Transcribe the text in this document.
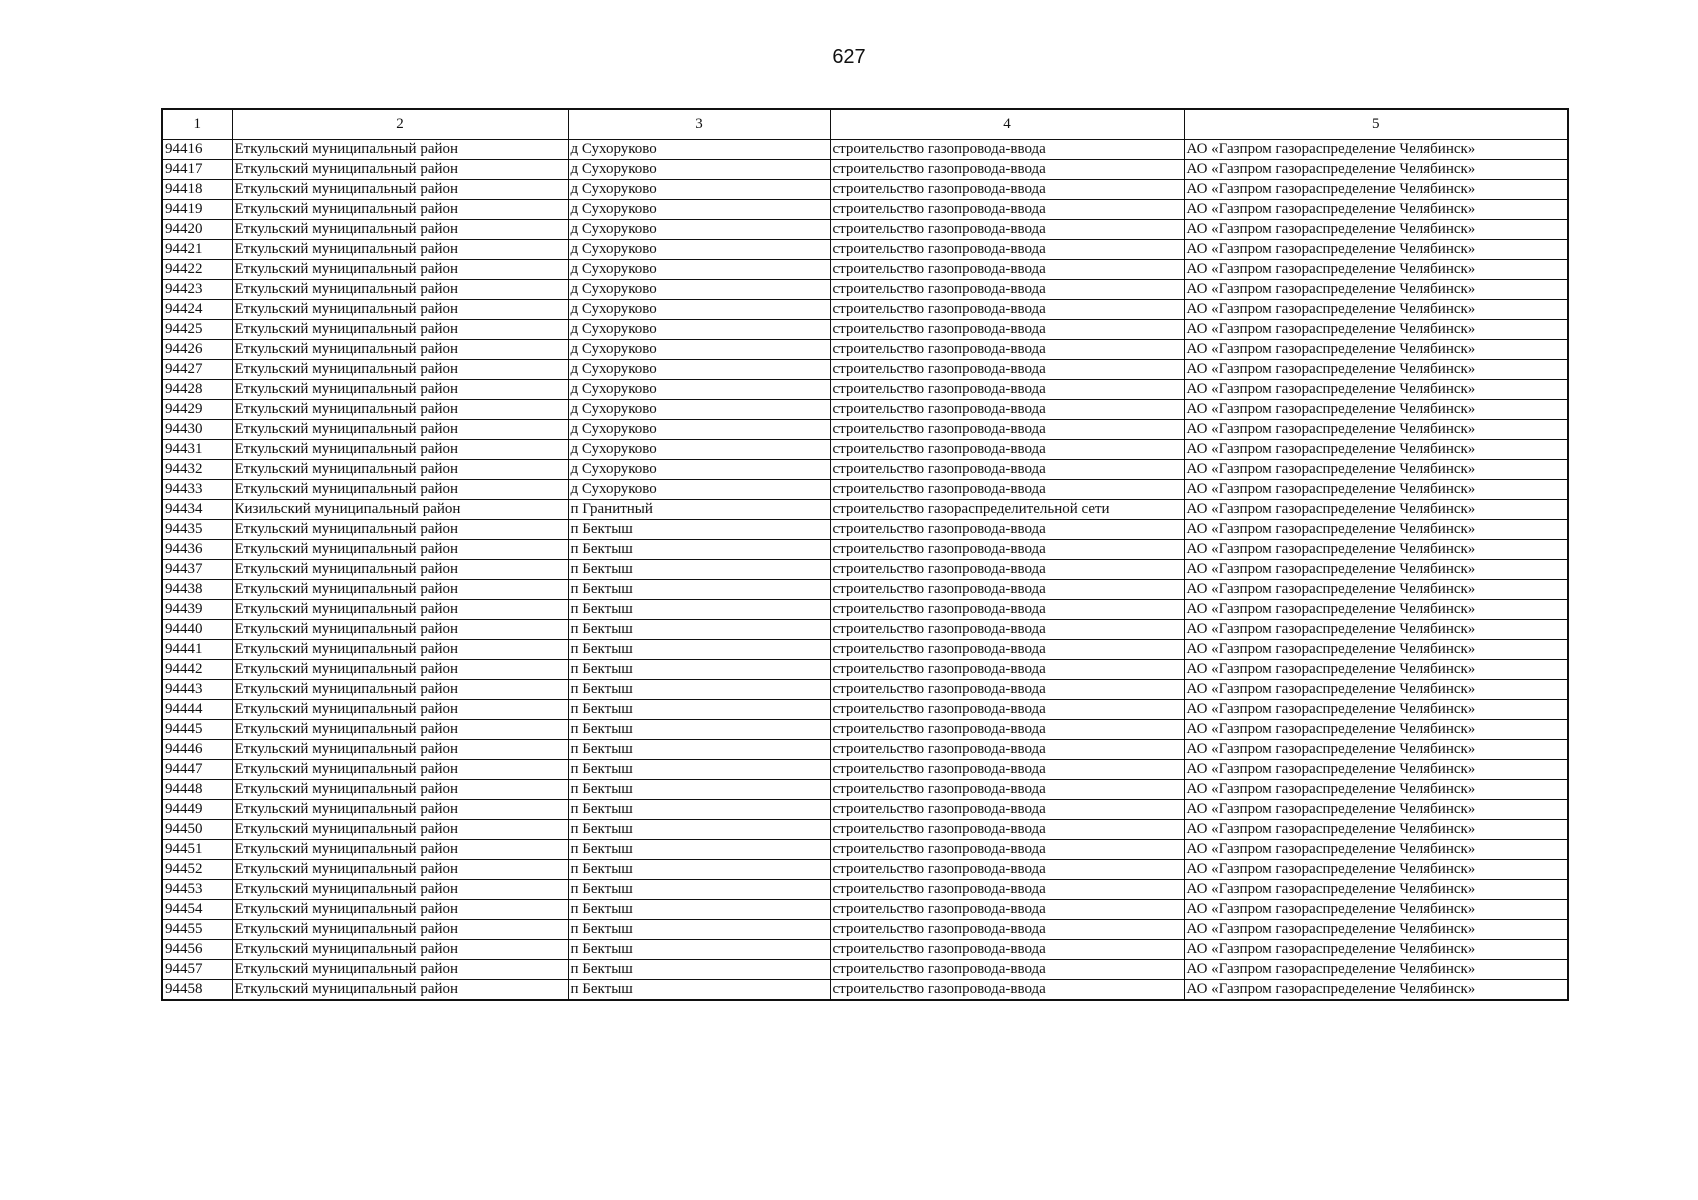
627
1	2	3	4	5
94416	Еткульский муниципальный район	д Сухоруково	строительство газопровода-ввода	АО «Газпром газораспределение Челябинск»
94417	Еткульский муниципальный район	д Сухоруково	строительство газопровода-ввода	АО «Газпром газораспределение Челябинск»
94418	Еткульский муниципальный район	д Сухоруково	строительство газопровода-ввода	АО «Газпром газораспределение Челябинск»
94419	Еткульский муниципальный район	д Сухоруково	строительство газопровода-ввода	АО «Газпром газораспределение Челябинск»
94420	Еткульский муниципальный район	д Сухоруково	строительство газопровода-ввода	АО «Газпром газораспределение Челябинск»
94421	Еткульский муниципальный район	д Сухоруково	строительство газопровода-ввода	АО «Газпром газораспределение Челябинск»
94422	Еткульский муниципальный район	д Сухоруково	строительство газопровода-ввода	АО «Газпром газораспределение Челябинск»
94423	Еткульский муниципальный район	д Сухоруково	строительство газопровода-ввода	АО «Газпром газораспределение Челябинск»
94424	Еткульский муниципальный район	д Сухоруково	строительство газопровода-ввода	АО «Газпром газораспределение Челябинск»
94425	Еткульский муниципальный район	д Сухоруково	строительство газопровода-ввода	АО «Газпром газораспределение Челябинск»
94426	Еткульский муниципальный район	д Сухоруково	строительство газопровода-ввода	АО «Газпром газораспределение Челябинск»
94427	Еткульский муниципальный район	д Сухоруково	строительство газопровода-ввода	АО «Газпром газораспределение Челябинск»
94428	Еткульский муниципальный район	д Сухоруково	строительство газопровода-ввода	АО «Газпром газораспределение Челябинск»
94429	Еткульский муниципальный район	д Сухоруково	строительство газопровода-ввода	АО «Газпром газораспределение Челябинск»
94430	Еткульский муниципальный район	д Сухоруково	строительство газопровода-ввода	АО «Газпром газораспределение Челябинск»
94431	Еткульский муниципальный район	д Сухоруково	строительство газопровода-ввода	АО «Газпром газораспределение Челябинск»
94432	Еткульский муниципальный район	д Сухоруково	строительство газопровода-ввода	АО «Газпром газораспределение Челябинск»
94433	Еткульский муниципальный район	д Сухоруково	строительство газопровода-ввода	АО «Газпром газораспределение Челябинск»
94434	Кизильский муниципальный район	п Гранитный	строительство газораспределительной сети	АО «Газпром газораспределение Челябинск»
94435	Еткульский муниципальный район	п Бектыш	строительство газопровода-ввода	АО «Газпром газораспределение Челябинск»
94436	Еткульский муниципальный район	п Бектыш	строительство газопровода-ввода	АО «Газпром газораспределение Челябинск»
94437	Еткульский муниципальный район	п Бектыш	строительство газопровода-ввода	АО «Газпром газораспределение Челябинск»
94438	Еткульский муниципальный район	п Бектыш	строительство газопровода-ввода	АО «Газпром газораспределение Челябинск»
94439	Еткульский муниципальный район	п Бектыш	строительство газопровода-ввода	АО «Газпром газораспределение Челябинск»
94440	Еткульский муниципальный район	п Бектыш	строительство газопровода-ввода	АО «Газпром газораспределение Челябинск»
94441	Еткульский муниципальный район	п Бектыш	строительство газопровода-ввода	АО «Газпром газораспределение Челябинск»
94442	Еткульский муниципальный район	п Бектыш	строительство газопровода-ввода	АО «Газпром газораспределение Челябинск»
94443	Еткульский муниципальный район	п Бектыш	строительство газопровода-ввода	АО «Газпром газораспределение Челябинск»
94444	Еткульский муниципальный район	п Бектыш	строительство газопровода-ввода	АО «Газпром газораспределение Челябинск»
94445	Еткульский муниципальный район	п Бектыш	строительство газопровода-ввода	АО «Газпром газораспределение Челябинск»
94446	Еткульский муниципальный район	п Бектыш	строительство газопровода-ввода	АО «Газпром газораспределение Челябинск»
94447	Еткульский муниципальный район	п Бектыш	строительство газопровода-ввода	АО «Газпром газораспределение Челябинск»
94448	Еткульский муниципальный район	п Бектыш	строительство газопровода-ввода	АО «Газпром газораспределение Челябинск»
94449	Еткульский муниципальный район	п Бектыш	строительство газопровода-ввода	АО «Газпром газораспределение Челябинск»
94450	Еткульский муниципальный район	п Бектыш	строительство газопровода-ввода	АО «Газпром газораспределение Челябинск»
94451	Еткульский муниципальный район	п Бектыш	строительство газопровода-ввода	АО «Газпром газораспределение Челябинск»
94452	Еткульский муниципальный район	п Бектыш	строительство газопровода-ввода	АО «Газпром газораспределение Челябинск»
94453	Еткульский муниципальный район	п Бектыш	строительство газопровода-ввода	АО «Газпром газораспределение Челябинск»
94454	Еткульский муниципальный район	п Бектыш	строительство газопровода-ввода	АО «Газпром газораспределение Челябинск»
94455	Еткульский муниципальный район	п Бектыш	строительство газопровода-ввода	АО «Газпром газораспределение Челябинск»
94456	Еткульский муниципальный район	п Бектыш	строительство газопровода-ввода	АО «Газпром газораспределение Челябинск»
94457	Еткульский муниципальный район	п Бектыш	строительство газопровода-ввода	АО «Газпром газораспределение Челябинск»
94458	Еткульский муниципальный район	п Бектыш	строительство газопровода-ввода	АО «Газпром газораспределение Челябинск»
